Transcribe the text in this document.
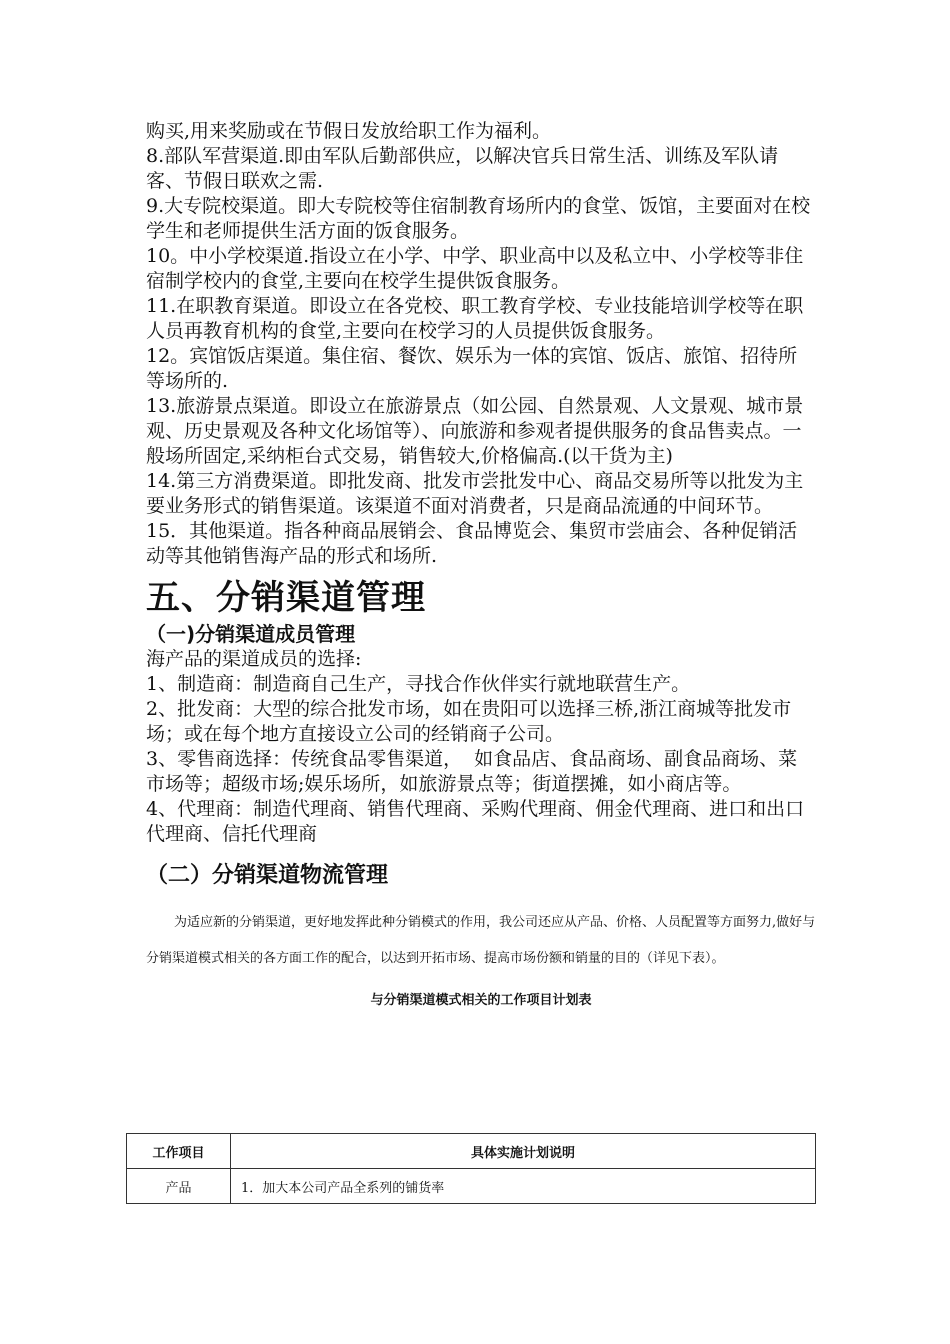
购买,用来奖励或在节假日发放给职工作为福利。

8.部队军营渠道.即由军队后勤部供应，以解决官兵日常生活、训练及军队请客、节假日联欢之需.

9.大专院校渠道。即大专院校等住宿制教育场所内的食堂、饭馆，主要面对在校学生和老师提供生活方面的饭食服务。

10。中小学校渠道.指设立在小学、中学、职业高中以及私立中、小学校等非住宿制学校内的食堂,主要向在校学生提供饭食服务。

11.在职教育渠道。即设立在各党校、职工教育学校、专业技能培训学校等在职人员再教育机构的食堂,主要向在校学习的人员提供饭食服务。

12。宾馆饭店渠道。集住宿、餐饮、娱乐为一体的宾馆、饭店、旅馆、招待所等场所的.

13.旅游景点渠道。即设立在旅游景点（如公园、自然景观、人文景观、城市景观、历史景观及各种文化场馆等）、向旅游和参观者提供服务的食品售卖点。一般场所固定,采纳柜台式交易，销售较大,价格偏高.(以干货为主)

14.第三方消费渠道。即批发商、批发市尝批发中心、商品交易所等以批发为主要业务形式的销售渠道。该渠道不面对消费者，只是商品流通的中间环节。

15．其他渠道。指各种商品展销会、食品博览会、集贸市尝庙会、各种促销活动等其他销售海产品的形式和场所.

五、分销渠道管理
（一)分销渠道成员管理

海产品的渠道成员的选择:

1、制造商：制造商自己生产，寻找合作伙伴实行就地联营生产。

2、批发商：大型的综合批发市场，如在贵阳可以选择三桥,浙江商城等批发市场；或在每个地方直接设立公司的经销商子公司。

3、零售商选择：传统食品零售渠道，  如食品店、食品商场、副食品商场、菜市场等；超级市场;娱乐场所，如旅游景点等；街道摆摊，如小商店等。

4、代理商：制造代理商、销售代理商、采购代理商、佣金代理商、进口和出口代理商、信托代理商

（二）分销渠道物流管理

为适应新的分销渠道，更好地发挥此种分销模式的作用，我公司还应从产品、价格、人员配置等方面努力,做好与分销渠道模式相关的各方面工作的配合，以达到开拓市场、提高市场份额和销量的目的（详见下表）。

与分销渠道模式相关的工作项目计划表

工作项目	具体实施计划说明
产品	1．加大本公司产品全系列的铺货率
